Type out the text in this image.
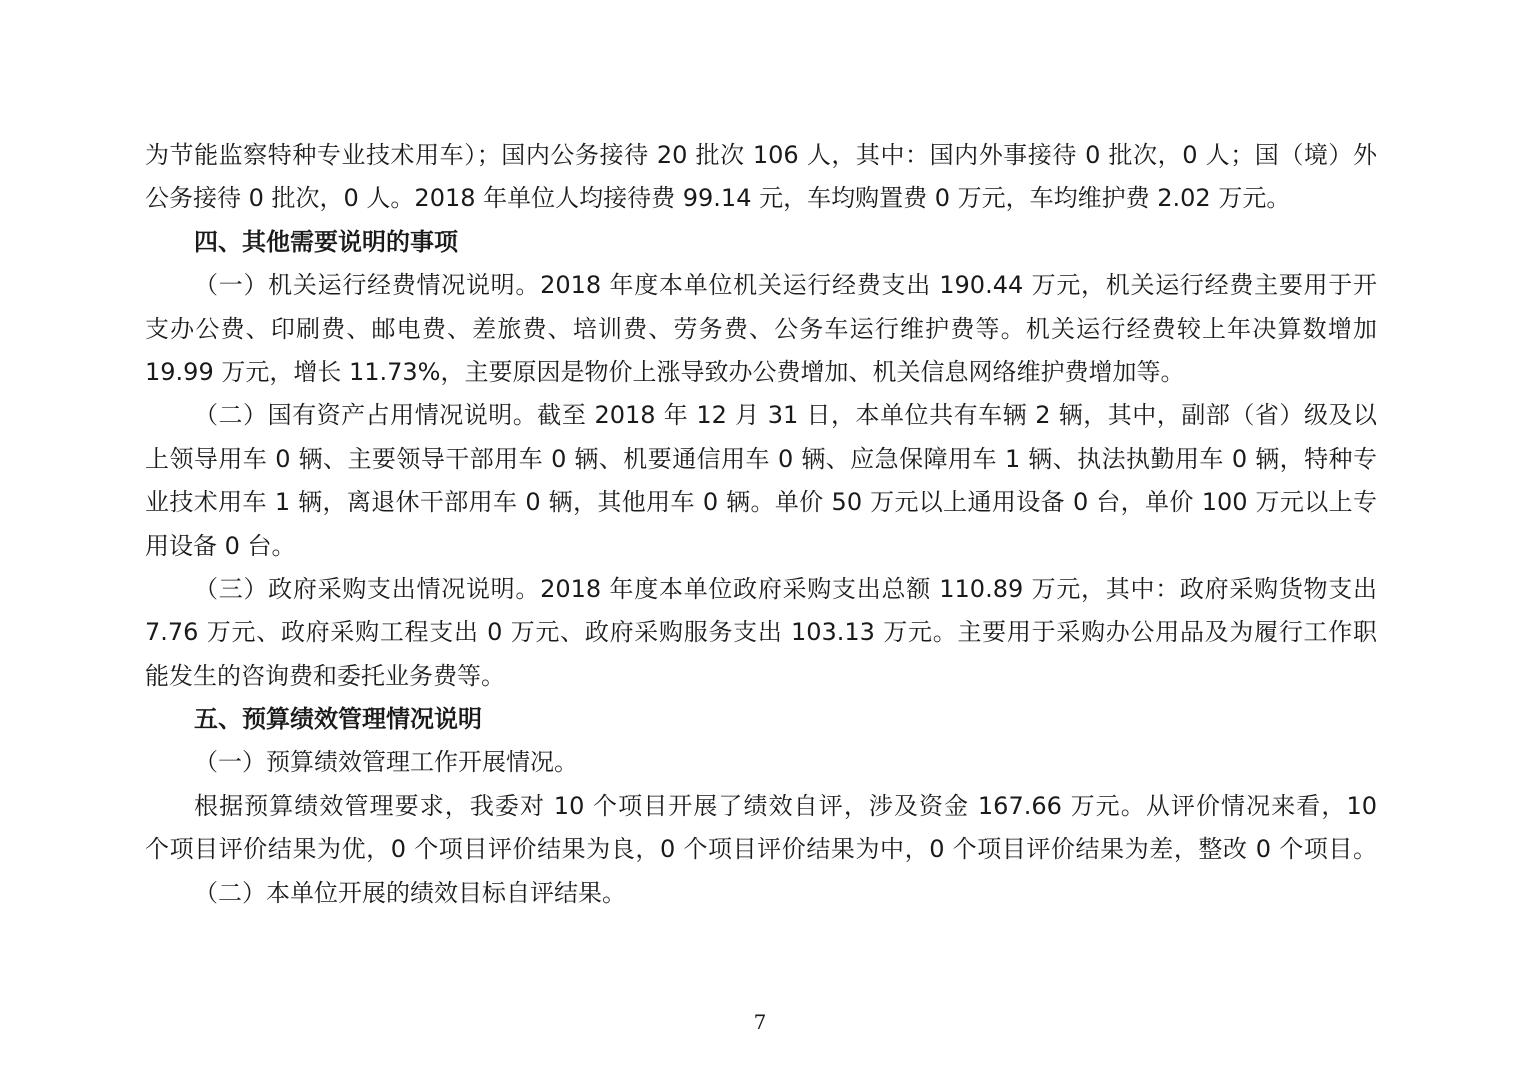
为节能监察特种专业技术用车）；国内公务接待 20 批次 106 人，其中：国内外事接待 0 批次，0 人；国（境）外
公务接待 0 批次，0 人。2018 年单位人均接待费 99.14 元，车均购置费 0 万元，车均维护费 2.02 万元。
四、其他需要说明的事项
（一）机关运行经费情况说明。2018 年度本单位机关运行经费支出 190.44 万元，机关运行经费主要用于开
支办公费、印刷费、邮电费、差旅费、培训费、劳务费、公务车运行维护费等。机关运行经费较上年决算数增加
19.99 万元，增长 11.73%，主要原因是物价上涨导致办公费增加、机关信息网络维护费增加等。
（二）国有资产占用情况说明。截至 2018 年 12 月 31 日，本单位共有车辆 2 辆，其中，副部（省）级及以
上领导用车 0 辆、主要领导干部用车 0 辆、机要通信用车 0 辆、应急保障用车 1 辆、执法执勤用车 0 辆，特种专
业技术用车 1 辆，离退休干部用车 0 辆，其他用车 0 辆。单价 50 万元以上通用设备 0 台，单价 100 万元以上专
用设备 0 台。
（三）政府采购支出情况说明。2018 年度本单位政府采购支出总额 110.89 万元，其中：政府采购货物支出
7.76 万元、政府采购工程支出 0 万元、政府采购服务支出 103.13 万元。主要用于采购办公用品及为履行工作职
能发生的咨询费和委托业务费等。
五、预算绩效管理情况说明
（一）预算绩效管理工作开展情况。
根据预算绩效管理要求，我委对 10 个项目开展了绩效自评，涉及资金 167.66 万元。从评价情况来看，10
个项目评价结果为优，0 个项目评价结果为良，0 个项目评价结果为中，0 个项目评价结果为差，整改 0 个项目。
（二）本单位开展的绩效目标自评结果。
7
